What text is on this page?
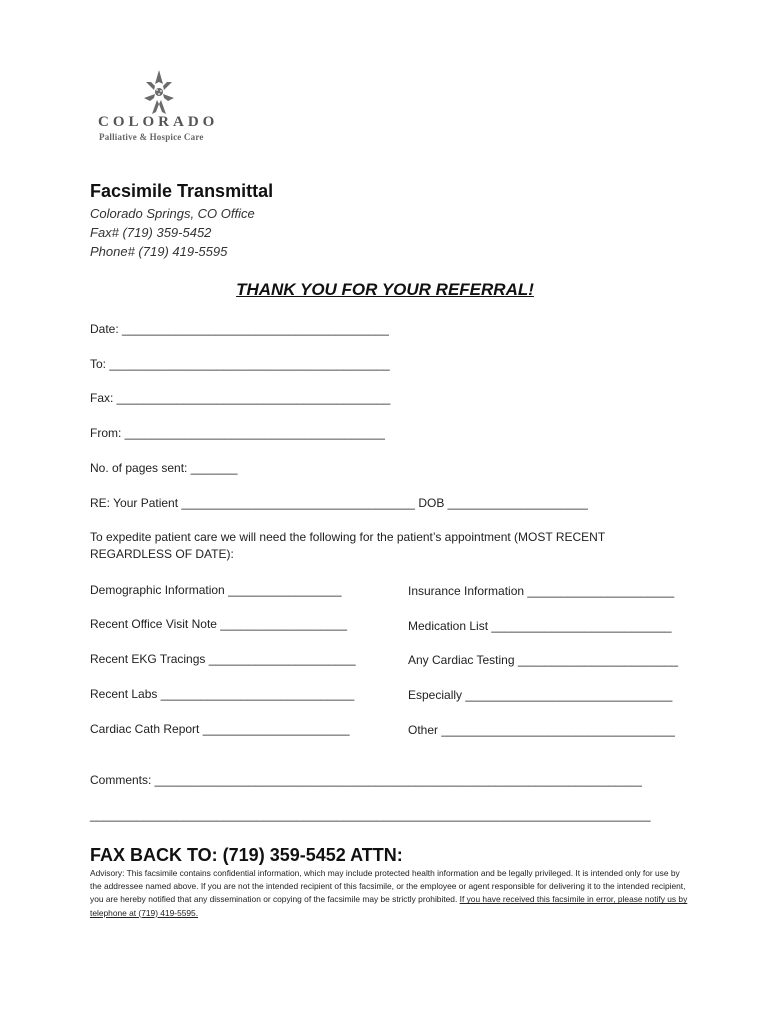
COLORADO
Palliative & Hospice Care
Facsimile Transmittal
Colorado Springs, CO Office
Fax# (719) 359-5452
Phone# (719) 419-5595
THANK YOU FOR YOUR REFERRAL!
Date: ________________________________________
To: __________________________________________
Fax: _________________________________________
From: _______________________________________
No. of pages sent: _______
RE: Your Patient ___________________________________ DOB _____________________
To expedite patient care we will need the following for the patient’s appointment (MOST RECENT REGARDLESS OF DATE):
Demographic Information _________________
Recent Office Visit Note ___________________
Recent EKG Tracings ______________________
Recent Labs _____________________________
Cardiac Cath Report ______________________
Insurance Information ______________________
Medication List ___________________________
Any Cardiac Testing ________________________
Especially _______________________________
Other ___________________________________
Comments: _________________________________________________________________________
____________________________________________________________________________________
FAX BACK TO: (719) 359-5452 ATTN:
Advisory: This facsimile contains confidential information, which may include protected health information and be legally privileged. It is intended only for use by the addressee named above. If you are not the intended recipient of this facsimile, or the employee or agent responsible for delivering it to the intended recipient, you are hereby notified that any dissemination or copying of the facsimile may be strictly prohibited. If you have received this facsimile in error, please notify us by telephone at (719) 419-5595.
